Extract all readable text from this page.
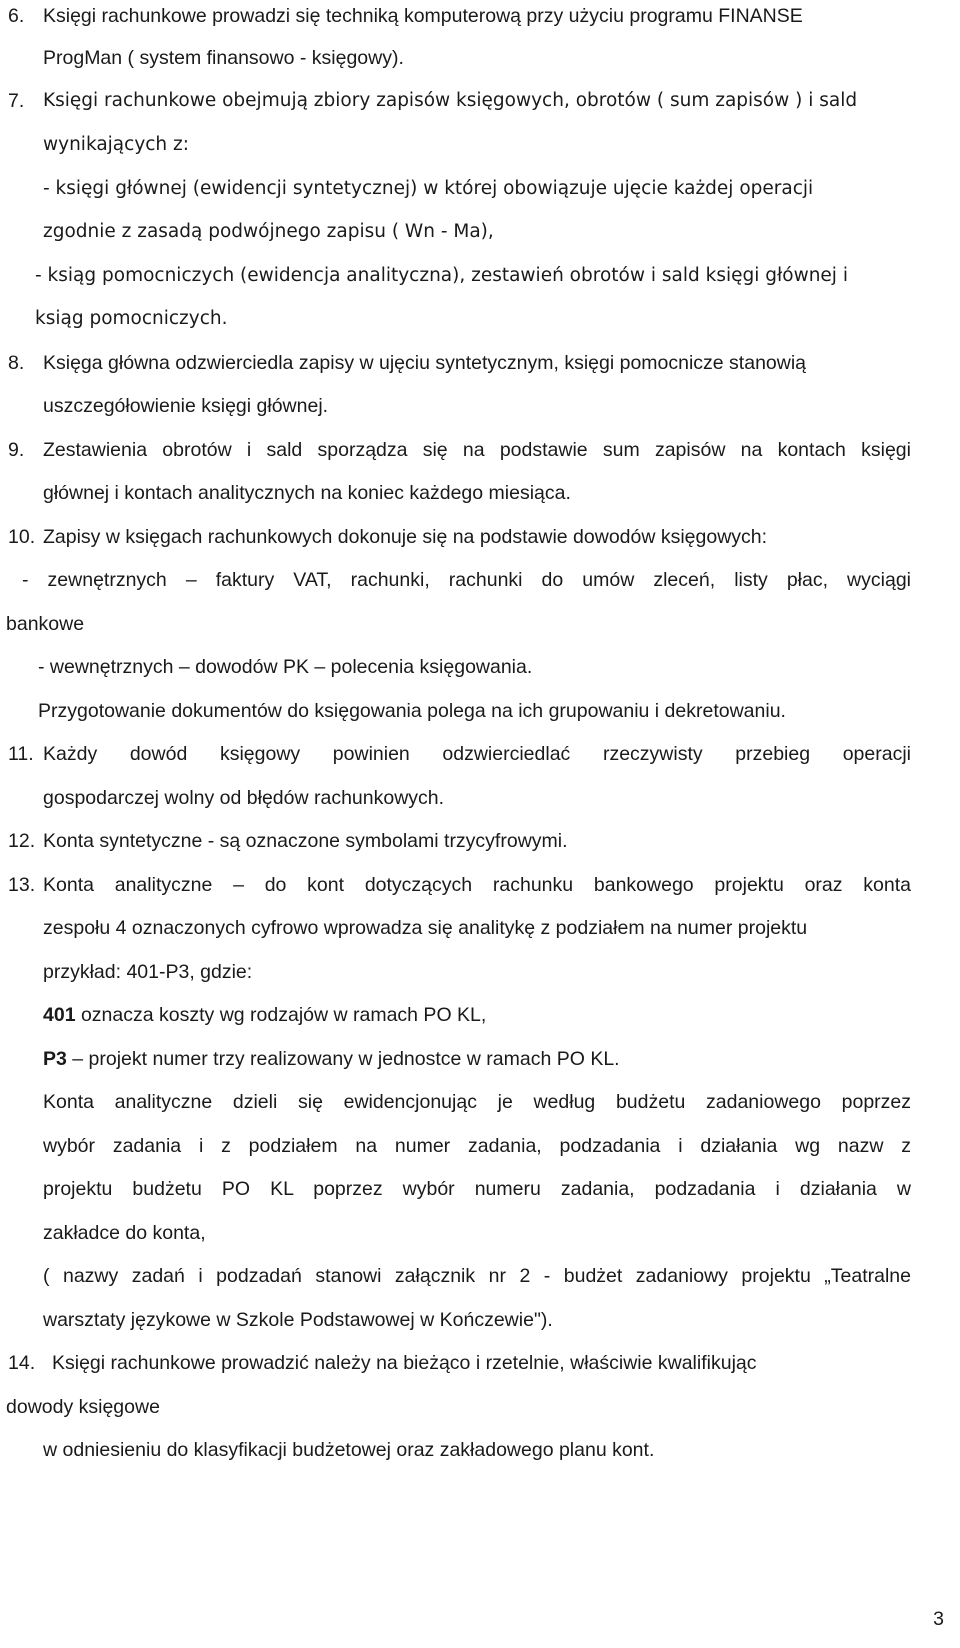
6. Księgi rachunkowe prowadzi się techniką komputerową przy użyciu programu FINANSE
ProgMan ( system finansowo - księgowy).
7. Księgi rachunkowe obejmują zbiory zapisów księgowych, obrotów ( sum zapisów ) i sald
wynikających z:
- księgi głównej (ewidencji syntetycznej) w której obowiązuje ujęcie każdej operacji
zgodnie z zasadą podwójnego zapisu ( Wn - Ma),
- ksiąg pomocniczych (ewidencja analityczna), zestawień obrotów i sald księgi głównej i
ksiąg pomocniczych.
8. Księga główna odzwierciedla zapisy w ujęciu syntetycznym, księgi pomocnicze stanowią
uszczegółowienie księgi głównej.
9. Zestawienia obrotów i sald sporządza się na podstawie sum zapisów na kontach księgi
głównej i kontach analitycznych na koniec każdego miesiąca.
10. Zapisy w księgach rachunkowych dokonuje się na podstawie dowodów księgowych:
- zewnętrznych – faktury VAT, rachunki, rachunki do umów zleceń, listy płac, wyciągi
bankowe
- wewnętrznych – dowodów PK – polecenia księgowania.
Przygotowanie dokumentów do księgowania polega na ich grupowaniu i dekretowaniu.
11. Każdy dowód księgowy powinien odzwierciedlać rzeczywisty przebieg operacji
gospodarczej wolny od błędów rachunkowych.
12. Konta syntetyczne - są oznaczone symbolami trzycyfrowymi.
13. Konta analityczne – do kont dotyczących rachunku bankowego projektu oraz konta
zespołu 4 oznaczonych cyfrowo wprowadza się analitykę z podziałem na numer projektu
przykład: 401-P3, gdzie:
401 oznacza koszty wg rodzajów w ramach PO KL,
P3 – projekt numer trzy realizowany w jednostce w ramach PO KL.
Konta analityczne dzieli się ewidencjonując je według budżetu zadaniowego poprzez
wybór zadania i z podziałem na numer zadania, podzadania i działania wg nazw z
projektu budżetu PO KL poprzez wybór numeru zadania, podzadania i działania w
zakładce do konta,
( nazwy zadań i podzadań stanowi załącznik nr 2 - budżet zadaniowy projektu „Teatralne
warsztaty językowe w Szkole Podstawowej w Kończewie").
14. Księgi rachunkowe prowadzić należy na bieżąco i rzetelnie, właściwie kwalifikując
dowody księgowe
w odniesieniu do klasyfikacji budżetowej oraz zakładowego planu kont.
3
